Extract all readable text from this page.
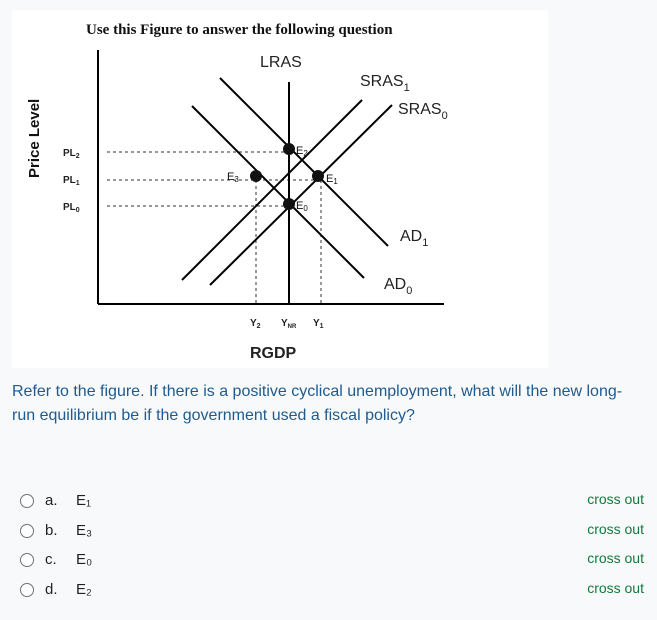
Use this Figure to answer the following question
Price Level
LRAS
$SRAS_1$
$SRAS_0$
$AD_1$
$AD_0$
$PL_2$
$PL_1$
$PL_0$
$Y_2$ $Y_{NR}$ $Y_1$
RGDP
E2
E3	E1
E0
Refer to the figure. If there is a positive cyclical unemployment, what will the new long-run equilibrium be if the government used a fiscal policy?
a. E₁	cross out
b. E₃	cross out
c. E₀	cross out
d. E₂	cross out
